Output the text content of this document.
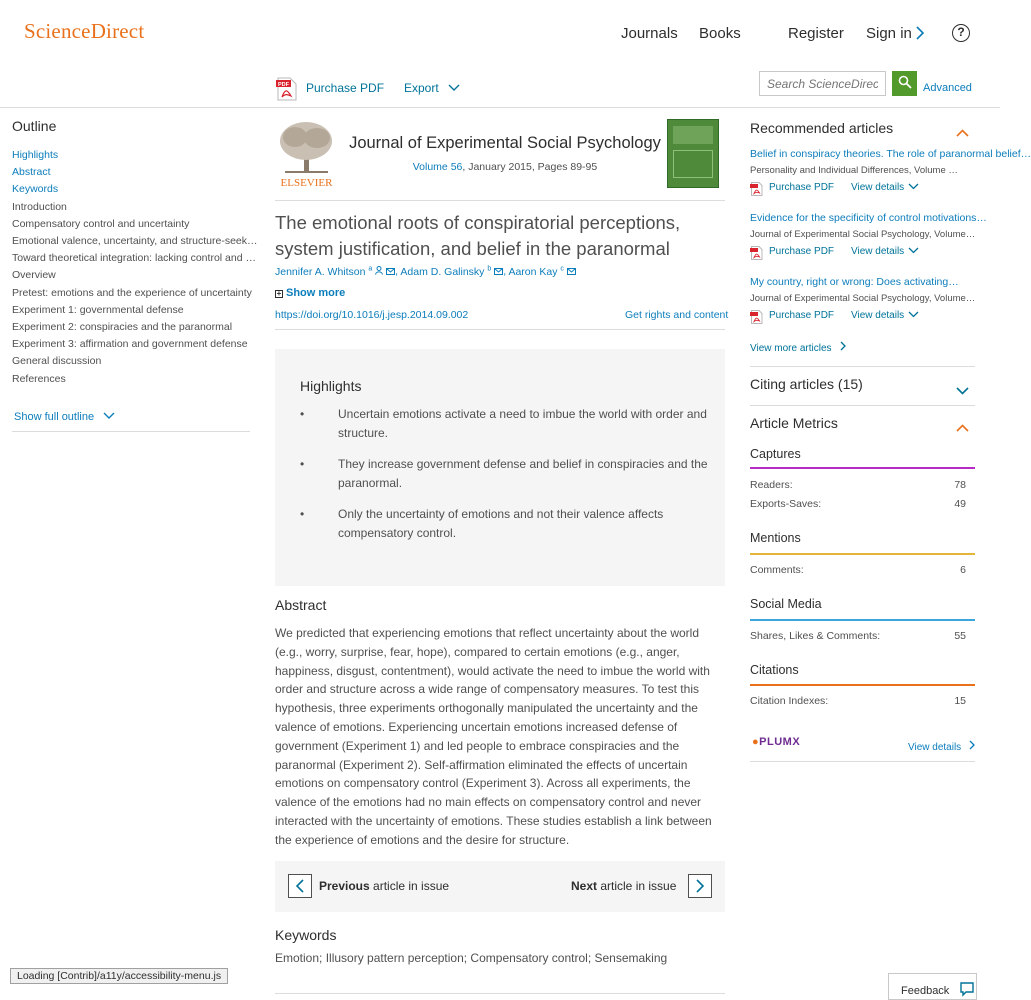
ScienceDirect	Journals Books	Register Sign in	?
PDF Purchase PDF Export
Search ScienceDirect	Advanced
Outline
Highlights
Abstract
Keywords
Introduction
Compensatory control and uncertainty
Emotional valence, uncertainty, and structure-seek…
Toward theoretical integration: lacking control and …
Overview
Pretest: emotions and the experience of uncertainty
Experiment 1: governmental defense
Experiment 2: conspiracies and the paranormal
Experiment 3: affirmation and government defense
General discussion
References
Show full outline
ELSEVIER
Journal of Experimental Social Psychology
Volume 56, January 2015, Pages 89-95
The emotional roots of conspiratorial perceptions, system justification, and belief in the paranormal
Jennifer A. Whitson $^a$ , Adam D. Galinsky $^b$ , Aaron Kay $^c$
+ Show more
https://doi.org/10.1016/j.jesp.2014.09.002	Get rights and content
Highlights
•	Uncertain emotions activate a need to imbue the world with order and structure.
•	They increase government defense and belief in conspiracies and the paranormal.
•	Only the uncertainty of emotions and not their valence affects compensatory control.
Abstract
We predicted that experiencing emotions that reflect uncertainty about the world (e.g., worry, surprise, fear, hope), compared to certain emotions (e.g., anger, happiness, disgust, contentment), would activate the need to imbue the world with order and structure across a wide range of compensatory measures. To test this hypothesis, three experiments orthogonally manipulated the uncertainty and the valence of emotions. Experiencing uncertain emotions increased defense of government (Experiment 1) and led people to embrace conspiracies and the paranormal (Experiment 2). Self-affirmation eliminated the effects of uncertain emotions on compensatory control (Experiment 3). Across all experiments, the valence of the emotions had no main effects on compensatory control and never interacted with the uncertainty of emotions. These studies establish a link between the experience of emotions and the desire for structure.
Previous article in issue	Next article in issue
Keywords
Emotion; Illusory pattern perception; Compensatory control; Sensemaking
Recommended articles
Belief in conspiracy theories. The role of paranormal belief…
Personality and Individual Differences, Volume …
Purchase PDF View details
Evidence for the specificity of control motivations…
Journal of Experimental Social Psychology, Volume…
Purchase PDF View details
My country, right or wrong: Does activating…
Journal of Experimental Social Psychology, Volume…
Purchase PDF View details
View more articles
Citing articles (15)
Article Metrics
Captures
Readers:	78
Exports-Saves:	49
Mentions
Comments:	6
Social Media
Shares, Likes & Comments:	55
Citations
Citation Indexes:	15
●PLUMX	View details
Loading [Contrib]/a11y/accessibility-menu.js
Feedback
